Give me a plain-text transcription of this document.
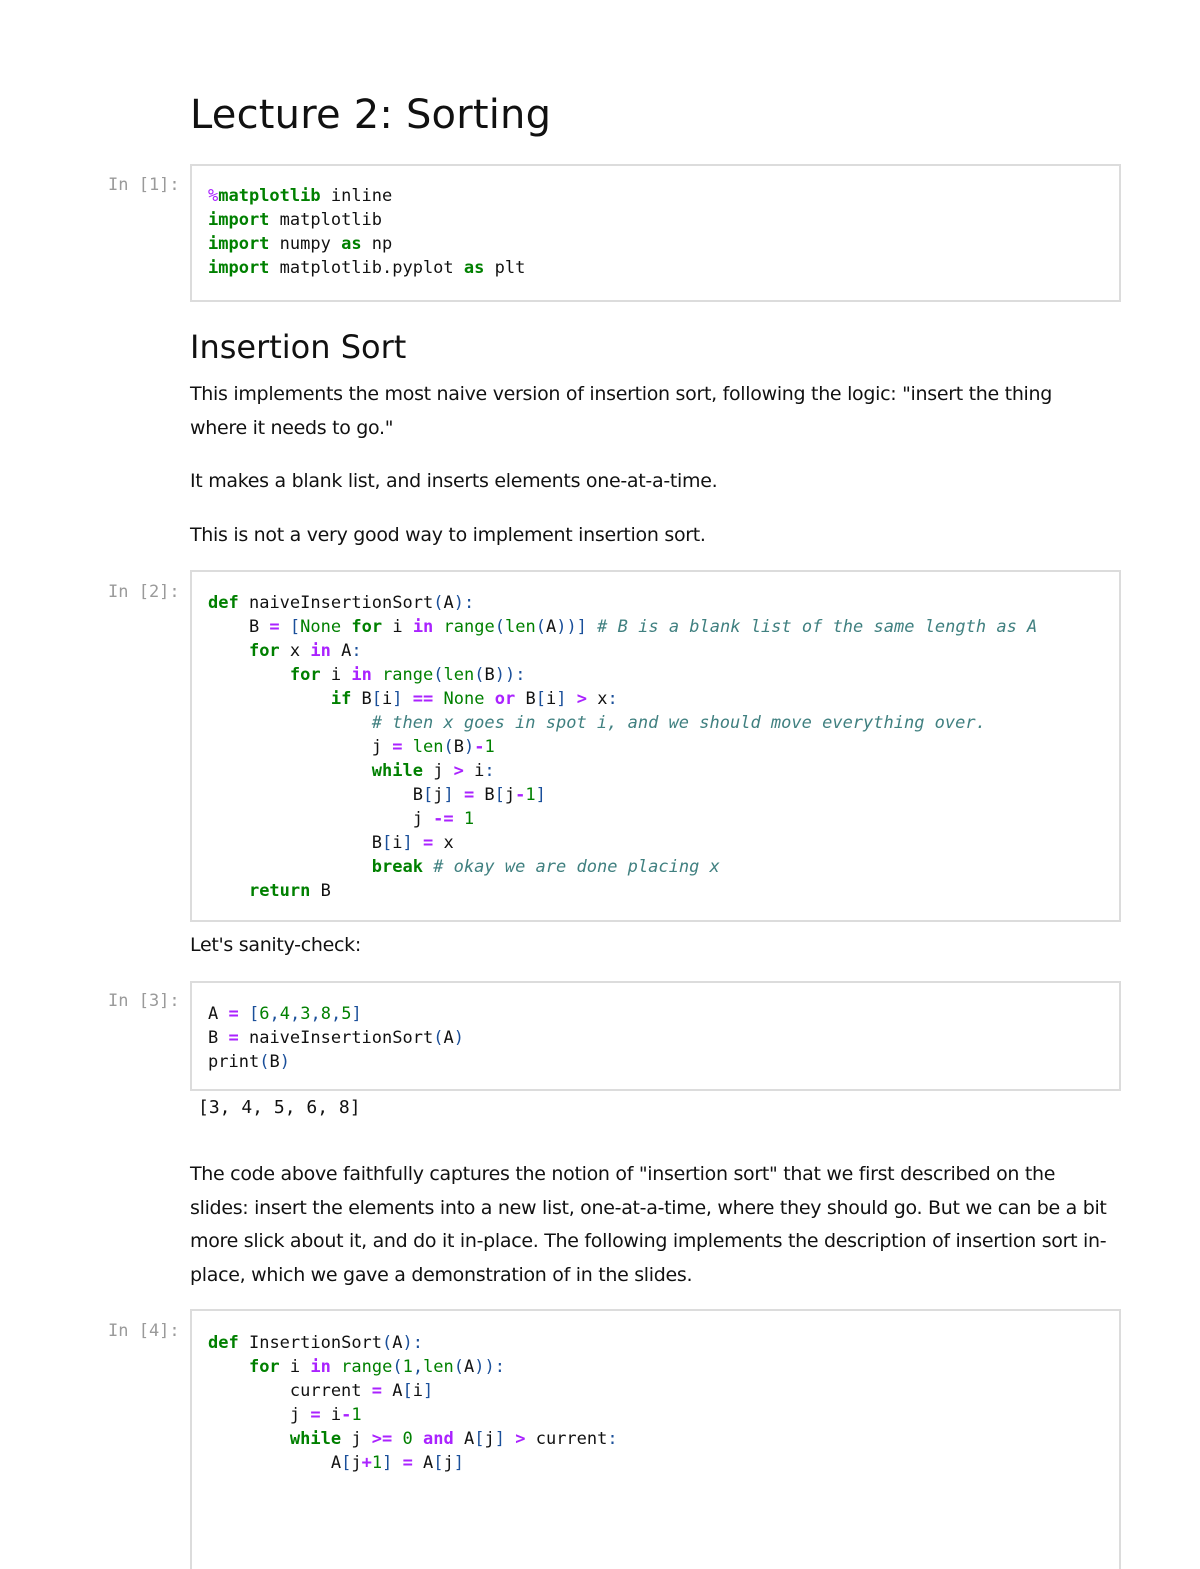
Lecture 2: Sorting
In [1]:
%matplotlib inline
import matplotlib
import numpy as np
import matplotlib.pyplot as plt
Insertion Sort

This implements the most naive version of insertion sort, following the logic: "insert the thing where it needs to go."

It makes a blank list, and inserts elements one-at-a-time.

This is not a very good way to implement insertion sort.

In [2]:
def naiveInsertionSort(A):
B = [None for i in range(len(A))] # B is a blank list of the same length as A
for x in A:
for i in range(len(B)):
if B[i] == None or B[i] > x:
# then x goes in spot i, and we should move everything over.
j = len(B)-1
while j > i:
B[j] = B[j-1]
j -= 1
B[i] = x
break # okay we are done placing x
return B

Let's sanity-check:

In [3]:
A = [6,4,3,8,5]
B = naiveInsertionSort(A)
print(B)
[3, 4, 5, 6, 8]

The code above faithfully captures the notion of "insertion sort" that we first described on the slides: insert the elements into a new list, one-at-a-time, where they should go. But we can be a bit more slick about it, and do it in-place. The following implements the description of insertion sort in-place, which we gave a demonstration of in the slides.

In [4]:
def InsertionSort(A):
for i in range(1,len(A)):
current = A[i]
j = i-1
while j >= 0 and A[j] > current:
A[j+1] = A[j]
